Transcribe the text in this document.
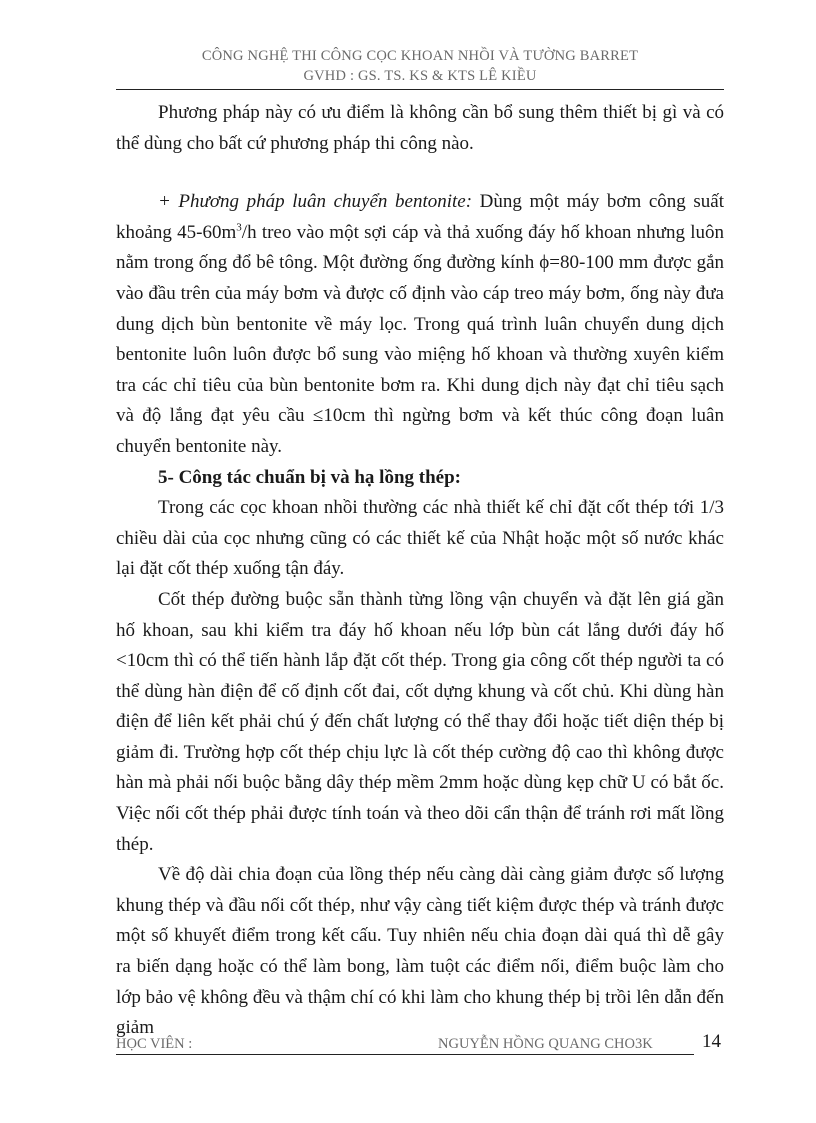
CÔNG NGHỆ THI CÔNG CỌC KHOAN NHỒI VÀ TƯỜNG BARRET
GVHD : GS. TS. KS & KTS LÊ KIỀU

Phương pháp này có ưu điểm là không cần bổ sung thêm thiết bị gì và có thể dùng cho bất cứ phương pháp thi công nào.

+ Phương pháp luân chuyển bentonite: Dùng một máy bơm công suất khoảng $45-60m^3/h$ treo vào một sợi cáp và thả xuống đáy hố khoan nhưng luôn nằm trong ống đổ bê tông. Một đường ống đường kính ϕ=80-100 mm được gắn vào đầu trên của máy bơm và được cố định vào cáp treo máy bơm, ống này đưa dung dịch bùn bentonite về máy lọc. Trong quá trình luân chuyển dung dịch bentonite luôn luôn được bổ sung vào miệng hố khoan và thường xuyên kiểm tra các chỉ tiêu của bùn bentonite bơm ra. Khi dung dịch này đạt chỉ tiêu sạch và độ lắng đạt yêu cầu ≤10cm thì ngừng bơm và kết thúc công đoạn luân chuyển bentonite này.

5- Công tác chuẩn bị và hạ lồng thép:

Trong các cọc khoan nhồi thường các nhà thiết kế chỉ đặt cốt thép tới 1/3 chiều dài của cọc nhưng cũng có các thiết kế của Nhật hoặc một số nước khác lại đặt cốt thép xuống tận đáy.

Cốt thép đường buộc sẵn thành từng lồng vận chuyển và đặt lên giá gần hố khoan, sau khi kiểm tra đáy hố khoan nếu lớp bùn cát lắng dưới đáy hố <10cm thì có thể tiến hành lắp đặt cốt thép. Trong gia công cốt thép người ta có thể dùng hàn điện để cố định cốt đai, cốt dựng khung và cốt chủ. Khi dùng hàn điện để liên kết phải chú ý đến chất lượng có thể thay đổi hoặc tiết diện thép bị giảm đi. Trường hợp cốt thép chịu lực là cốt thép cường độ cao thì không được hàn mà phải nối buộc bằng dây thép mềm 2mm hoặc dùng kẹp chữ U có bắt ốc. Việc nối cốt thép phải được tính toán và theo dõi cẩn thận để tránh rơi mất lồng thép.

Về độ dài chia đoạn của lồng thép nếu càng dài càng giảm được số lượng khung thép và đầu nối cốt thép, như vậy càng tiết kiệm được thép và tránh được một số khuyết điểm trong kết cấu. Tuy nhiên nếu chia đoạn dài quá thì dễ gây ra biến dạng hoặc có thể làm bong, làm tuột các điểm nối, điểm buộc làm cho lớp bảo vệ không đều và thậm chí có khi làm cho khung thép bị trồi lên dẫn đến giảm

HỌC VIÊN :	NGUYỄN HỒNG QUANG CHO3K	14
